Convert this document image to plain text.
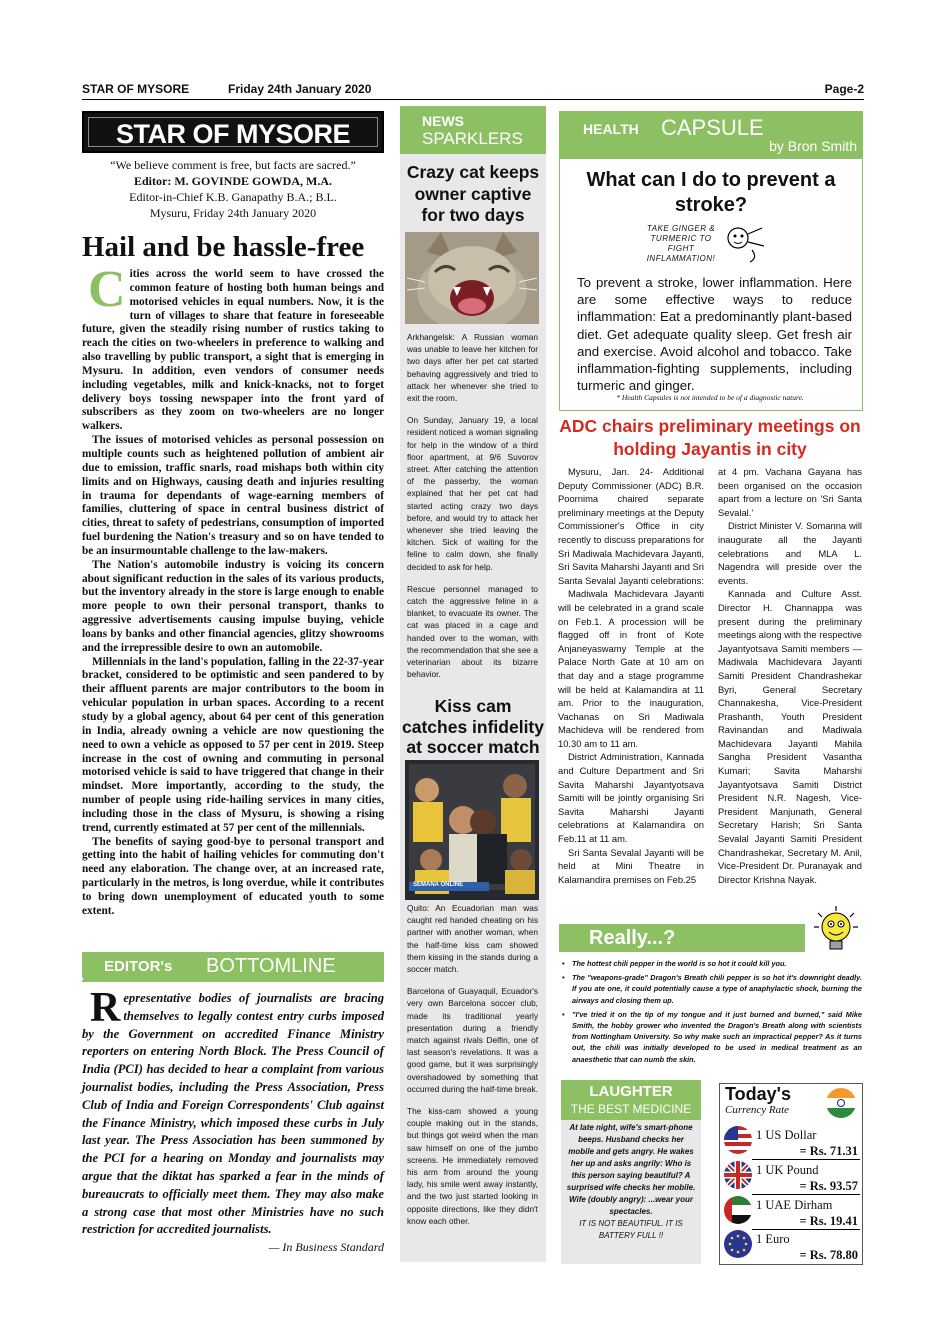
STAR OF MYSORE	Friday 24th January 2020	Page-2
STAR OF MYSORE
“We believe comment is free, but facts are sacred.”
Editor: M. GOVINDE GOWDA, M.A.
Editor-in-Chief K.B. Ganapathy B.A.; B.L.
Mysuru, Friday 24th January 2020
Hail and be hassle-free

Cities across the world seem to have crossed the common feature of hosting both human beings and motorised vehicles in equal numbers. Now, it is the turn of villages to share that feature in foreseeable future, given the steadily rising number of rustics taking to reach the cities on two-wheelers in preference to walking and also travelling by public transport, a sight that is emerging in Mysuru. In addition, even vendors of consumer needs including vegetables, milk and knick-knacks, not to forget delivery boys tossing newspaper into the front yard of subscribers as they zoom on two-wheelers are no longer walkers.

The issues of motorised vehicles as personal possession on multiple counts such as heightened pollution of ambient air due to emission, traffic snarls, road mishaps both within city limits and on Highways, causing death and injuries resulting in trauma for dependants of wage-earning members of families, cluttering of space in central business district of cities, threat to safety of pedestrians, consumption of imported fuel burdening the Nation's treasury and so on have tended to be an insurmountable challenge to the law-makers.

The Nation's automobile industry is voicing its concern about significant reduction in the sales of its various products, but the inventory already in the store is large enough to enable more people to own their personal transport, thanks to aggressive advertisements causing impulse buying, vehicle loans by banks and other financial agencies, glitzy showrooms and the irrepressible desire to own an automobile.

Millennials in the land's population, falling in the 22-37-year bracket, considered to be optimistic and seen pandered to by their affluent parents are major contributors to the boom in vehicular population in urban spaces. According to a recent study by a global agency, about 64 per cent of this generation in India, already owning a vehicle are now questioning the need to own a vehicle as opposed to 57 per cent in 2019. Steep increase in the cost of owning and commuting in personal motorised vehicle is said to have triggered that change in their mindset. More importantly, according to the study, the number of people using ride-hailing services in many cities, including those in the class of Mysuru, is showing a rising trend, currently estimated at 57 per cent of the millennials.

The benefits of saying good-bye to personal transport and getting into the habit of hailing vehicles for commuting don't need any elaboration. The change over, at an increased rate, particularly in the metros, is long overdue, while it contributes to bring down unemployment of educated youth to some extent.

EDITOR's BOTTOMLINE
Representative bodies of journalists are bracing themselves to legally contest entry curbs imposed by the Government on accredited Finance Ministry reporters on entering North Block. The Press Council of India (PCI) has decided to hear a complaint from various journalist bodies, including the Press Association, Press Club of India and Foreign Correspondents' Club against the Finance Ministry, which imposed these curbs in July last year. The Press Association has been summoned by the PCI for a hearing on Monday and journalists may argue that the diktat has sparked a fear in the minds of bureaucrats to officially meet them. They may also make a strong case that most other Ministries have no such restriction for accredited journalists.
— In Business Standard
NEWS
SPARKLERS
Crazy cat keeps owner captive for two days

Arkhangelsk: A Russian woman was unable to leave her kitchen for two days after her pet cat started behaving aggressively and tried to attack her whenever she tried to exit the room.

On Sunday, January 19, a local resident noticed a woman signaling for help in the window of a third floor apartment, at 9/6 Suvorov street. After catching the attention of the passerby, the woman explained that her pet cat had started acting crazy two days before, and would try to attack her whenever she tried leaving the kitchen. Sick of waiting for the feline to calm down, she finally decided to ask for help.

Rescue personnel managed to catch the aggressive feline in a blanket, to evacuate its owner. The cat was placed in a cage and handed over to the woman, with the recommendation that she see a veterinarian about its bizarre behavior.

Kiss cam catches infidelity at soccer match
SEMANA ONLINE

Quito: An Ecuadorian man was caught red handed cheating on his partner with another woman, when the half-time kiss cam showed them kissing in the stands during a soccer match.

Barcelona of Guayaquil, Ecuador's very own Barcelona soccer club, made its traditional yearly presentation during a friendly match against rivals Delfin, one of last season's revelations. It was a good game, but it was surprisingly overshadowed by something that occurred during the half-time break.

The kiss-cam showed a young couple making out in the stands, but things got weird when the man saw himself on one of the jumbo screens. He immediately removed his arm from around the young lady, his smile went away instantly, and the two just started looking in opposite directions, like they didn't know each other.

HEALTH CAPSULE
by Bron Smith
What can I do to prevent a stroke?
TAKE GINGER & TURMERIC TO FIGHT INFLAMMATION!
To prevent a stroke, lower inflammation. Here are some effective ways to reduce inflammation: Eat a predominantly plant-based diet. Get adequate quality sleep. Get fresh air and exercise. Avoid alcohol and tobacco. Take inflammation-fighting supplements, including turmeric and ginger.
* Health Capsules is not intended to be of a diagnostic nature.
ADC chairs preliminary meetings on holding Jayantis in city

Mysuru, Jan. 24- Additional Deputy Commissioner (ADC) B.R. Poornima chaired separate preliminary meetings at the Deputy Commissioner's Office in city recently to discuss preparations for Sri Madiwala Machidevara Jayanti, Sri Savita Maharshi Jayanti and Sri Santa Sevalal Jayanti celebrations:

Madiwala Machidevara Jayanti will be celebrated in a grand scale on Feb.1. A procession will be flagged off in front of Kote Anjaneyaswamy Temple at the Palace North Gate at 10 am on that day and a stage programme will be held at Kalamandira at 11 am. Prior to the inauguration, Vachanas on Sri Madiwala Machideva will be rendered from 10.30 am to 11 am.

District Administration, Kannada and Culture Department and Sri Savita Maharshi Jayantyotsava Samiti will be jointly organising Sri Savita Maharshi Jayanti celebrations at Kalamandira on Feb.11 at 11 am.

Sri Santa Sevalal Jayanti will be held at Mini Theatre in Kalamandira premises on Feb.25

at 4 pm. Vachana Gayana has been organised on the occasion apart from a lecture on 'Sri Santa Sevalal.'

District Minister V. Somanna will inaugurate all the Jayanti celebrations and MLA L. Nagendra will preside over the events.

Kannada and Culture Asst. Director H. Channappa was present during the preliminary meetings along with the respective Jayantyotsava Samiti members — Madiwala Machidevara Jayanti Samiti President Chandrashekar Byri, General Secretary Channakesha, Vice-President Prashanth, Youth President Ravinandan and Madiwala Machidevara Jayanti Mahila Sangha President Vasantha Kumari; Savita Maharshi Jayantyotsava Samiti District President N.R. Nagesh, Vice-President Manjunath, General Secretary Harish; Sri Santa Sevalal Jayanti Samiti President Chandrashekar, Secretary M. Anil, Vice-President Dr. Puranayak and Director Krishna Nayak.

Really...?
• The hottest chili pepper in the world is so hot it could kill you.
• The "weapons-grade" Dragon's Breath chili pepper is so hot it's downright deadly. If you ate one, it could potentially cause a type of anaphylactic shock, burning the airways and closing them up.
• "I've tried it on the tip of my tongue and it just burned and burned," said Mike Smith, the hobby grower who invented the Dragon's Breath along with scientists from Nottingham University. So why make such an impractical pepper? As it turns out, the chili was initially developed to be used in medical treatment as an anaesthetic that can numb the skin.
LAUGHTER
THE BEST MEDICINE
At late night, wife's smart-phone beeps. Husband checks her mobile and gets angry. He wakes her up and asks angrily: Who is this person saying beautiful? A surprised wife checks her mobile.
Wife (doubly angry): ...wear your spectacles.
IT IS NOT BEAUTIFUL. IT IS BATTERY FULL !!
Today's
Currency Rate
1 US Dollar
= Rs. 71.31
1 UK Pound
= Rs. 93.57
1 UAE Dirham
= Rs. 19.41
1 Euro
= Rs. 78.80
